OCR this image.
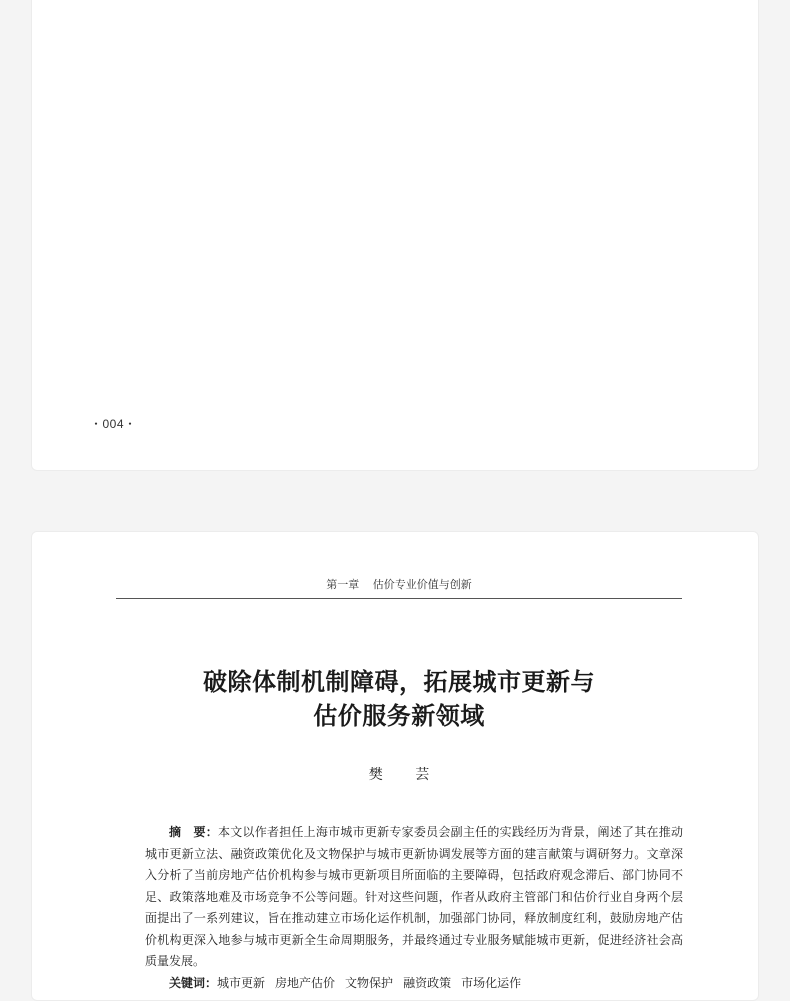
・004・
第一章 估价专业价值与创新
破除体制机制障碍，拓展城市更新与
估价服务新领域
樊 芸

摘　要：本文以作者担任上海市城市更新专家委员会副主任的实践经历为背景，阐述了其在推动城市更新立法、融资政策优化及文物保护与城市更新协调发展等方面的建言献策与调研努力。文章深入分析了当前房地产估价机构参与城市更新项目所面临的主要障碍，包括政府观念滞后、部门协同不足、政策落地难及市场竞争不公等问题。针对这些问题，作者从政府主管部门和估价行业自身两个层面提出了一系列建议，旨在推动建立市场化运作机制，加强部门协同，释放制度红利，鼓励房地产估价机构更深入地参与城市更新全生命周期服务，并最终通过专业服务赋能城市更新，促进经济社会高质量发展。

关键词：城市更新 房地产估价 文物保护 融资政策 市场化运作
